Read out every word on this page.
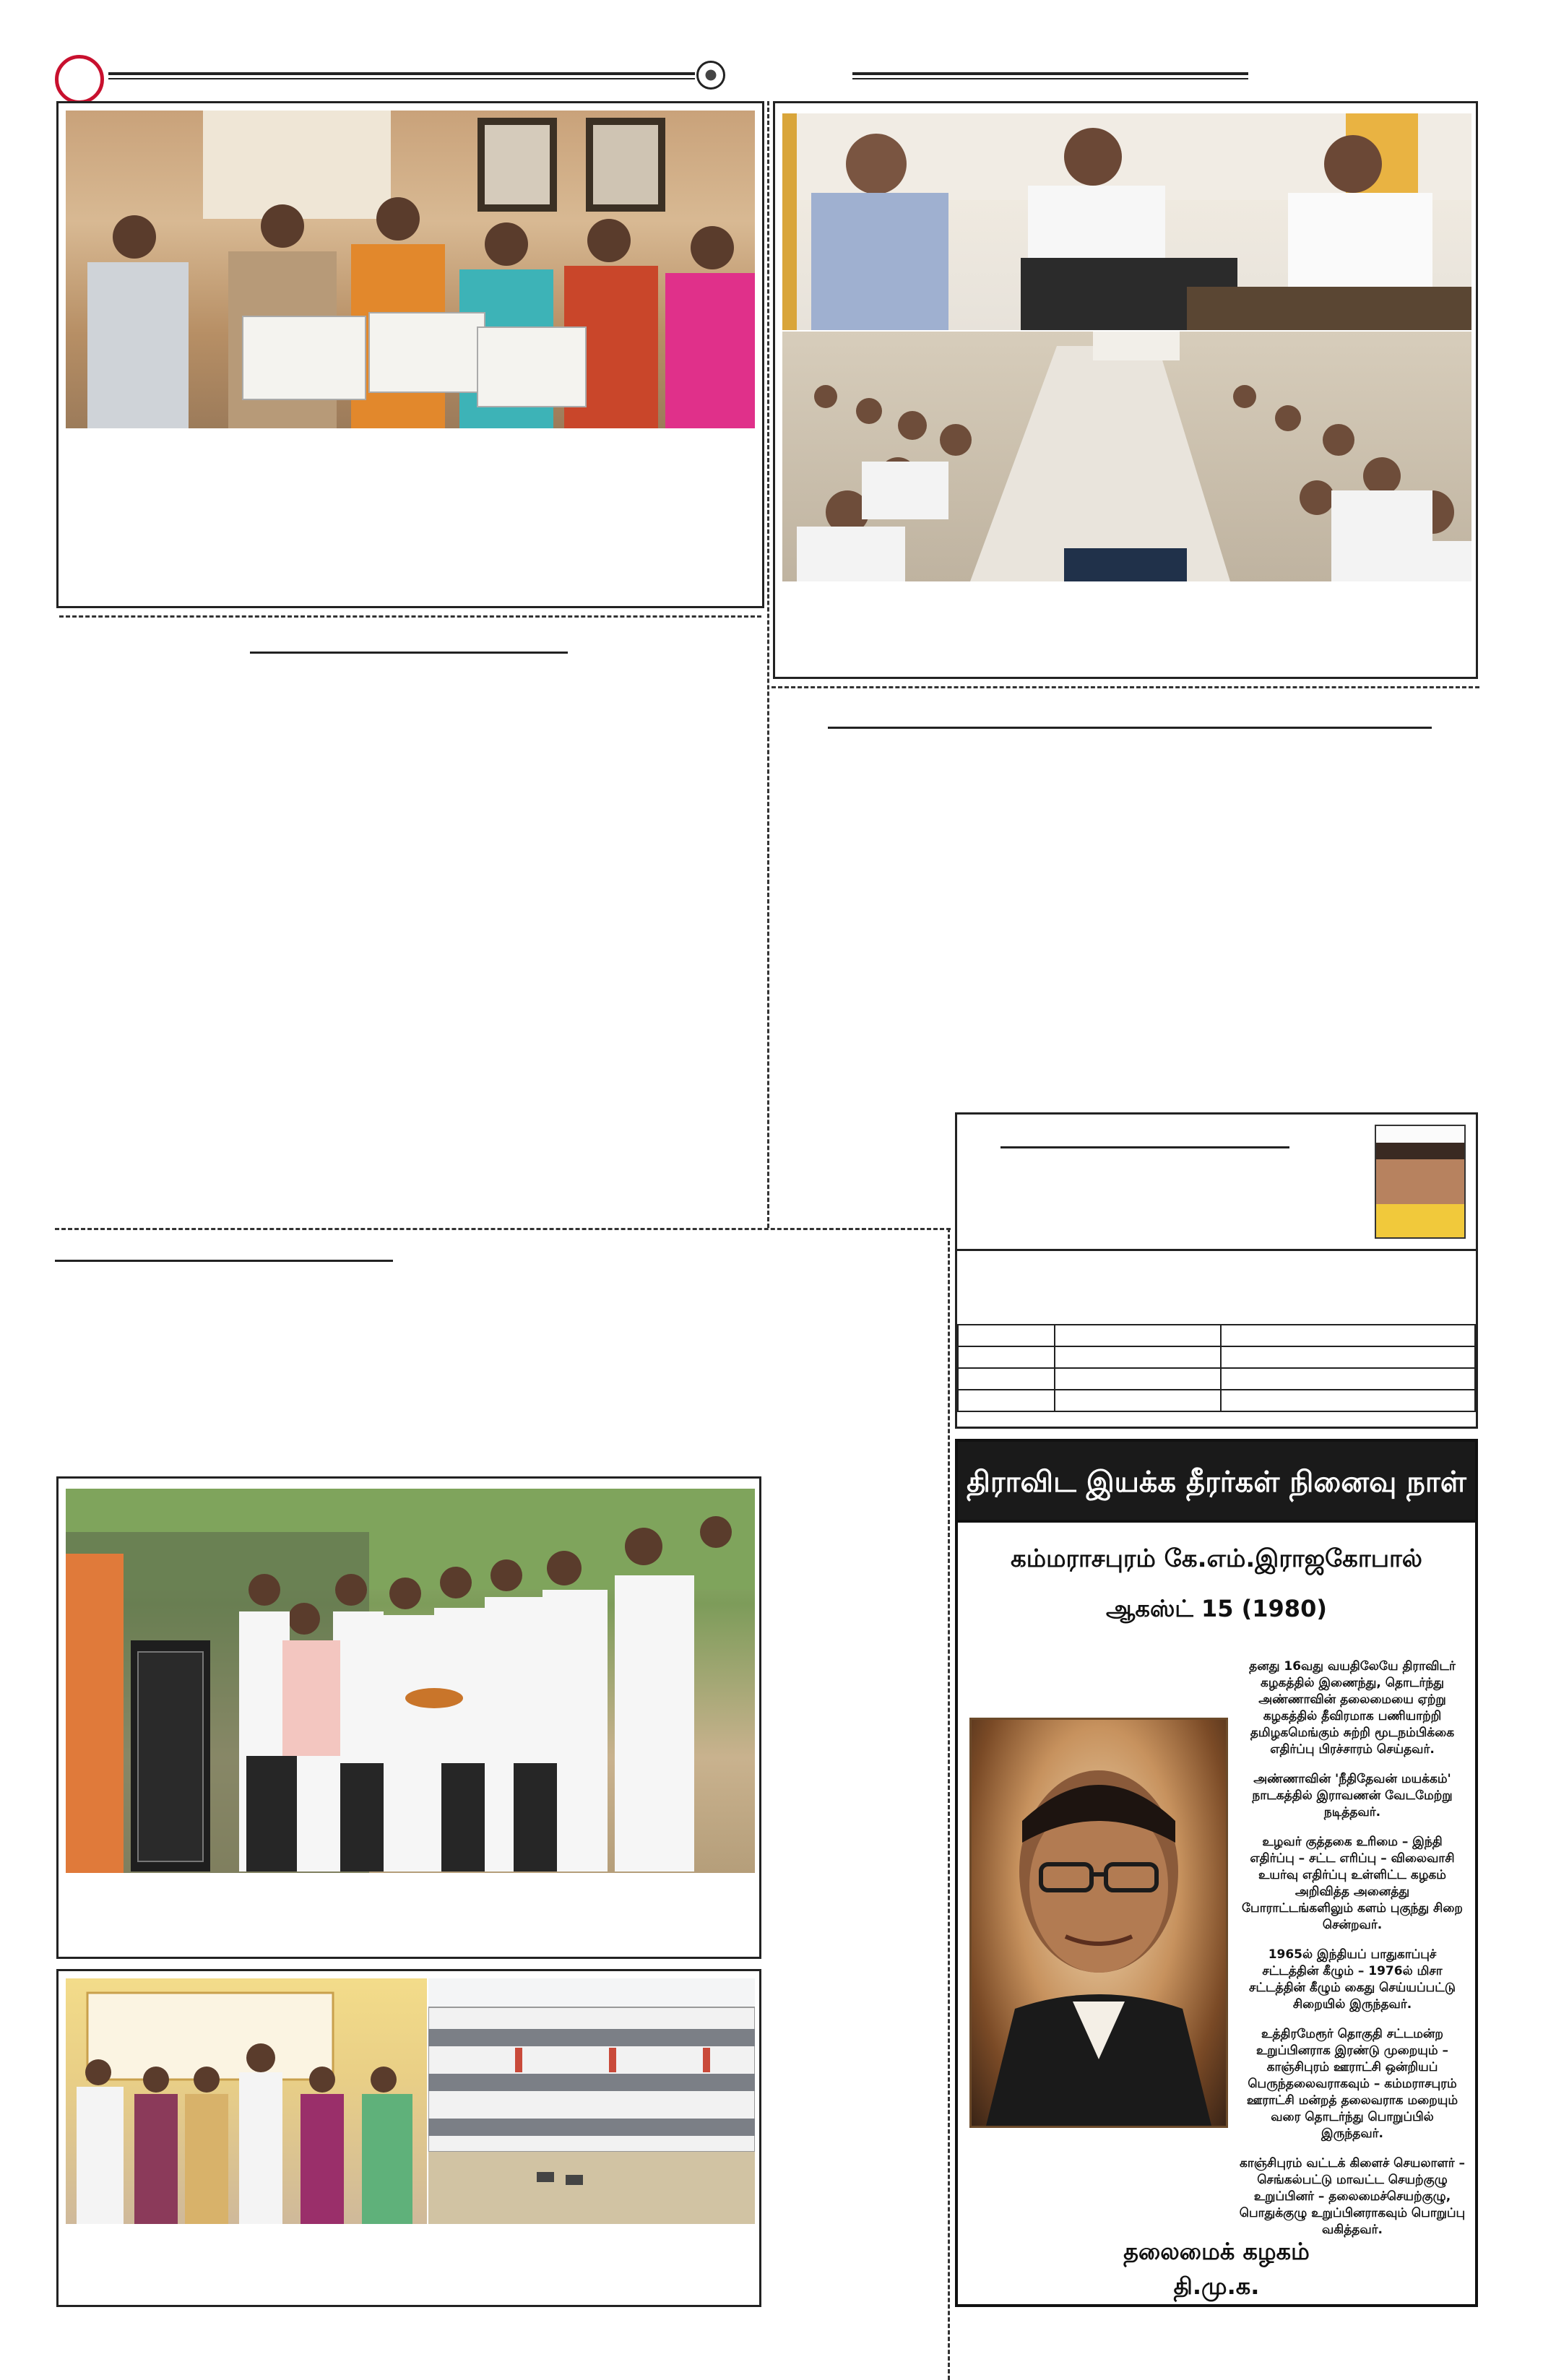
திராவிட இயக்க தீரர்கள் நினைவு நாள்
கம்மராசபுரம் கே.எம்.இராஜகோபால்
ஆகஸ்ட் 15 (1980)

தனது 16வது வயதிலேயே திராவிடர் கழகத்தில் இணைந்து, தொடர்ந்து அண்ணாவின் தலைமையை ஏற்று கழகத்தில் தீவிரமாக பணியாற்றி தமிழகமெங்கும் சுற்றி மூடநம்பிக்கை எதிர்ப்பு பிரச்சாரம் செய்தவர்.

அண்ணாவின் 'நீதிதேவன் மயக்கம்' நாடகத்தில் இராவணன் வேடமேற்று நடித்தவர்.

உழவர் குத்தகை உரிமை – இந்தி எதிர்ப்பு – சட்ட எரிப்பு – விலைவாசி உயர்வு எதிர்ப்பு உள்ளிட்ட கழகம் அறிவித்த அனைத்து போராட்டங்களிலும் களம் புகுந்து சிறை சென்றவர்.

1965ல் இந்தியப் பாதுகாப்புச் சட்டத்தின் கீழும் – 1976ல் மிசா சட்டத்தின் கீழும் கைது செய்யப்பட்டு சிறையில் இருந்தவர்.

உத்திரமேரூர் தொகுதி சட்டமன்ற உறுப்பினராக இரண்டு முறையும் – காஞ்சிபுரம் ஊராட்சி ஒன்றியப் பெருந்தலைவராகவும் – கம்மராசபுரம் ஊராட்சி மன்றத் தலைவராக மறையும் வரை தொடர்ந்து பொறுப்பில் இருந்தவர்.

காஞ்சிபுரம் வட்டக் கிளைச் செயலாளர் – செங்கல்பட்டு மாவட்ட செயற்குழு உறுப்பினர் – தலைமைச்செயற்குழு, பொதுக்குழு உறுப்பினராகவும் பொறுப்பு வகித்தவர்.

தலைமைக் கழகம்
தி.மு.க.
